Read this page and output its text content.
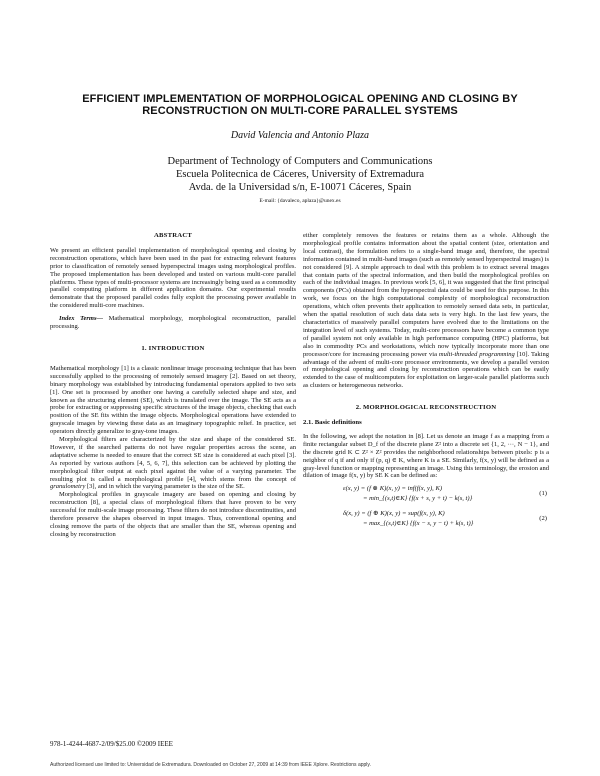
EFFICIENT IMPLEMENTATION OF MORPHOLOGICAL OPENING AND CLOSING BY
RECONSTRUCTION ON MULTI-CORE PARALLEL SYSTEMS
David Valencia and Antonio Plaza
Department of Technology of Computers and Communications
Escuela Politecnica de Cáceres, University of Extremadura
Avda. de la Universidad s/n, E-10071 Cáceres, Spain
E-mail: {davaleco, aplaza}@unex.es
ABSTRACT

We present an efficient parallel implementation of morphological opening and closing by reconstruction operations, which have been used in the past for extracting relevant features prior to classification of remotely sensed hyperspectral images using morphological profiles. The proposed implementation has been developed and tested on various multi-core parallel platforms. These types of multi-processor systems are increasingly being used as a commodity parallel computing platform in different application domains. Our experimental results demonstrate that the proposed parallel codes fully exploit the processing power available in the considered multi-core machines.

Index Terms— Mathematical morphology, morphological reconstruction, parallel processing.

1. INTRODUCTION

Mathematical morphology [1] is a classic nonlinear image processing technique that has been successfully applied to the processing of remotely sensed imagery [2]. Based on set theory, binary morphology was established by introducing fundamental operators applied to two sets [1]. One set is processed by another one having a carefully selected shape and size, and known as the structuring element (SE), which is translated over the image. The SE acts as a probe for extracting or suppressing specific structures of the image objects, checking that each position of the SE fits within the image objects. Morphological operations have extended to grayscale images by viewing these data as an imaginary topographic relief. In practice, set operators directly generalize to gray-tone images.

Morphological filters are characterized by the size and shape of the considered SE. However, if the searched patterns do not have regular properties across the scene, an adaptative scheme is needed to ensure that the correct SE size is considered at each pixel [3]. As reported by various authors [4, 5, 6, 7], this selection can be achieved by plotting the morphological filter output at each pixel against the value of a varying parameter. The resulting plot is called a morphological profile [4], which stems from the concept of granulometry [3], and in which the varying parameter is the size of the SE.

Morphological profiles in grayscale imagery are based on opening and closing by reconstruction [8], a special class of morphological filters that have proven to be very successful for multi-scale image processing. These filters do not introduce discontinuities, and therefore preserve the shapes observed in input images. Thus, conventional opening and closing remove the parts of the objects that are smaller than the SE, whereas opening and closing by reconstruction

either completely removes the features or retains them as a whole. Although the morphological profile contains information about the spatial content (size, orientation and local contrast), the formulation refers to a single-band image and, therefore, the spectral information contained in multi-band images (such as remotely sensed hyperspectral images) is not considered [9]. A simple approach to deal with this problem is to extract several images that contain parts of the spectral information, and then build the morphological profiles on each of the individual images. In previous work [5, 6], it was suggested that the first principal components (PCs) obtained from the hyperspectral data could be used for this purpose. In this work, we focus on the high computational complexity of morphological reconstruction operations, which often prevents their application to remotely sensed data sets, in particular, when the spatial resolution of such data data sets is very high. In the last few years, the characteristics of massively parallel computers have evolved due to the limitations on the integration level of such systems. Today, multi-core processors have become a common type of parallel system not only available in high performance computing (HPC) platforms, but also in commodity PCs and workstations, which now typically incorporate more than one processor/core for increasing processing power via multi-threaded programming [10]. Taking advantage of the advent of multi-core processor environments, we develop a parallel version of morphological opening and closing by reconstruction operations which can be easily extended to the case of multicomputers for exploitation on larger-scale parallel platforms such as clusters or heterogeneous networks.

2. MORPHOLOGICAL RECONSTRUCTION
2.1. Basic definitions

In the following, we adopt the notation in [8]. Let us denote an image f as a mapping from a finite rectangular subset D_f of the discrete plane Z² into a discrete set {1, 2, ···, N − 1}, and the discrete grid K ⊂ Z² × Z² provides the neighborhood relationships between pixels: p is a neighbor of q if and only if (p, q) ∈ K, where K is a SE. Similarly, f(x, y) will be defined as a gray-level function or mapping representing an image. Using this terminology, the erosion and dilation of image f(x, y) by SE K can be defined as:

ε(x, y) = (f ⊗ K)(x, y) = inf(f(x, y), K)
= min_{(s,t)∈K} {f(x + s, y + t) − k(s, t)}
(1)
δ(x, y) = (f ⊕ K)(x, y) = sup(f(x, y), K)
= max_{(s,t)∈K} {f(x − s, y − t) + k(s, t)}
(2)
978-1-4244-4687-2/09/$25.00 ©2009 IEEE
Authorized licensed use limited to: Universidad de Extremadura. Downloaded on October 27, 2009 at 14:39 from IEEE Xplore. Restrictions apply.
